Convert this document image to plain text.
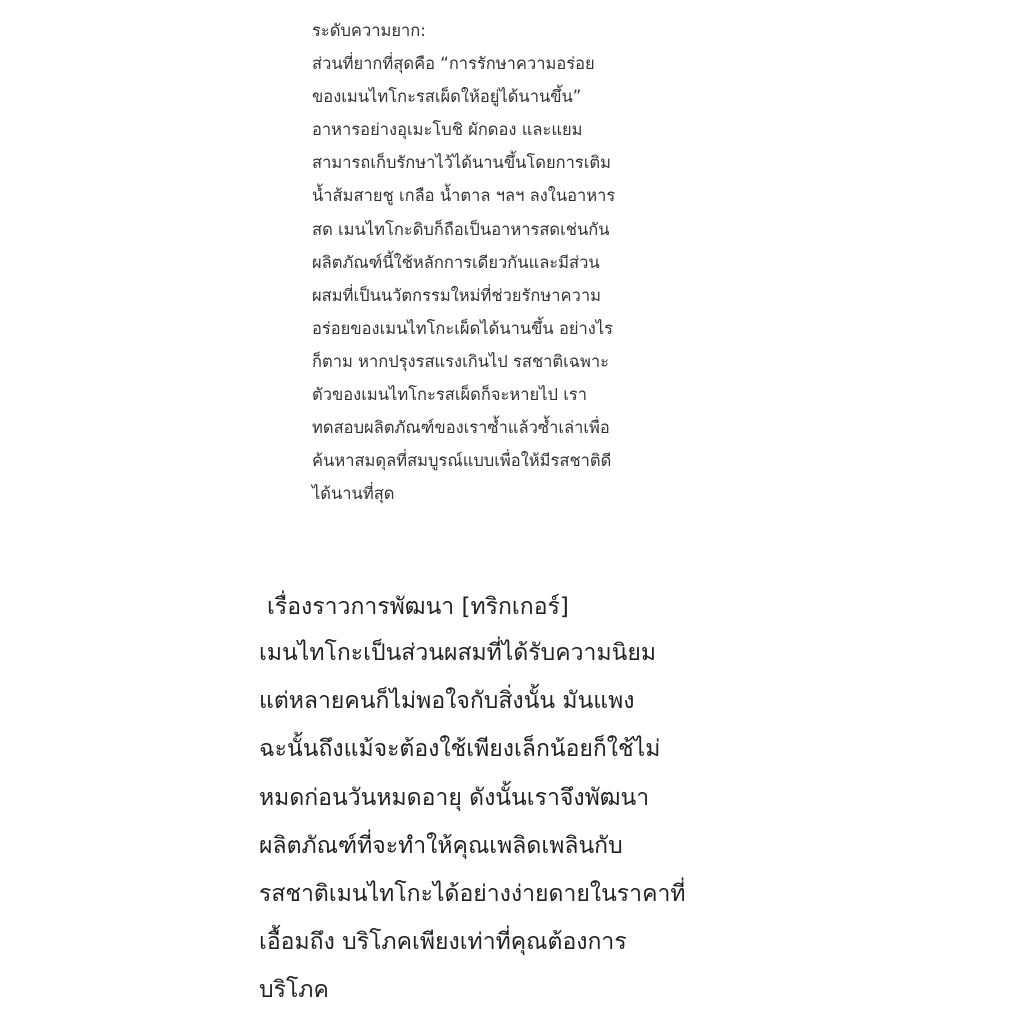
ระดับความยาก:
ส่วนที่ยากที่สุดคือ “การรักษาความอร่อย
ของเมนไทโกะรสเผ็ดให้อยู่ได้นานขึ้น”
อาหารอย่างอุเมะโบชิ ผักดอง และแยม
สามารถเก็บรักษาไว้ได้นานขึ้นโดยการเติม
น้ำส้มสายชู เกลือ น้ำตาล ฯลฯ ลงในอาหาร
สด เมนไทโกะดิบก็ถือเป็นอาหารสดเช่นกัน
ผลิตภัณฑ์นี้ใช้หลักการเดียวกันและมีส่วน
ผสมที่เป็นนวัตกรรมใหม่ที่ช่วยรักษาความ
อร่อยของเมนไทโกะเผ็ดได้นานขึ้น อย่างไร
ก็ตาม หากปรุงรสแรงเกินไป รสชาติเฉพาะ
ตัวของเมนไทโกะรสเผ็ดก็จะหายไป เรา
ทดสอบผลิตภัณฑ์ของเราซ้ำแล้วซ้ำเล่าเพื่อ
ค้นหาสมดุลที่สมบูรณ์แบบเพื่อให้มีรสชาติดี
ได้นานที่สุด
เรื่องราวการพัฒนา [ทริกเกอร์]
เมนไทโกะเป็นส่วนผสมที่ได้รับความนิยม
แต่หลายคนก็ไม่พอใจกับสิ่งนั้น มันแพง
ฉะนั้นถึงแม้จะต้องใช้เพียงเล็กน้อยก็ใช้ไม่
หมดก่อนวันหมดอายุ ดังนั้นเราจึงพัฒนา
ผลิตภัณฑ์ที่จะทำให้คุณเพลิดเพลินกับ
รสชาติเมนไทโกะได้อย่างง่ายดายในราคาที่
เอื้อมถึง บริโภคเพียงเท่าที่คุณต้องการ
บริโภค
